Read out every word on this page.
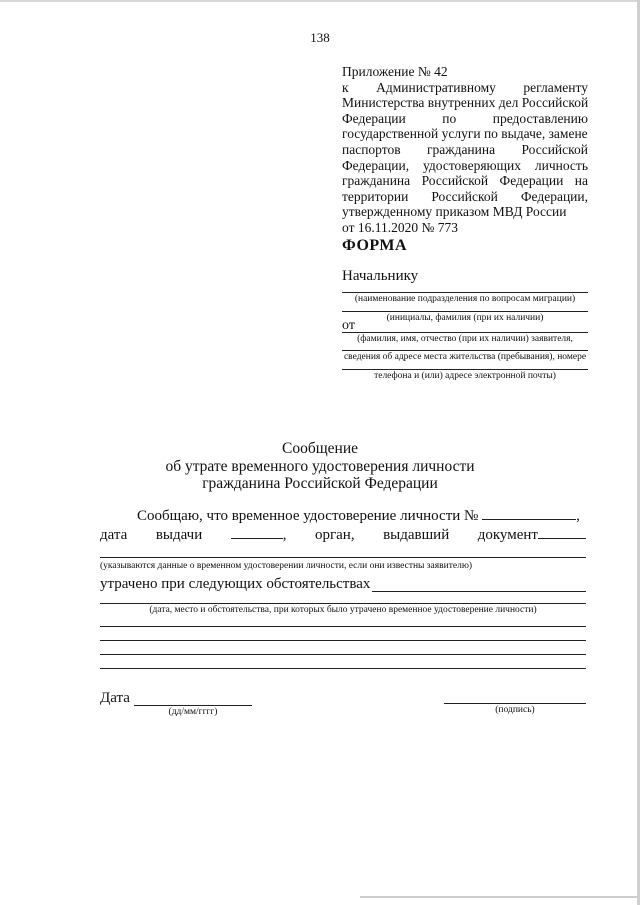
138
Приложение № 42
к Административному регламенту
Министерства внутренних дел Российской
Федерации	по	предоставлению
государственной услуги по выдаче, замене
паспортов гражданина Российской
Федерации, удостоверяющих личность
гражданина Российской Федерации на
территории Российской Федерации,
утвержденному приказом МВД России
от 16.11.2020 № 773
ФОРМА
Начальнику
(наименование подразделения по вопросам миграции)
(инициалы, фамилия (при их наличии)
от
(фамилия, имя, отчество (при их наличии) заявителя,
сведения об адресе места жительства (пребывания), номере
телефона и (или) адресе электронной почты)
Сообщение
об утрате временного удостоверения личности
гражданина Российской Федерации
Сообщаю, что временное удостоверение личности №	,
дата выдачи	, орган, выдавший документ
(указываются данные о временном удостоверении личности, если они известны заявителю)
утрачено при следующих обстоятельствах
(дата, место и обстоятельства, при которых было утрачено временное удостоверение личности)
Дата
(дд/мм/гггг)	(подпись)
